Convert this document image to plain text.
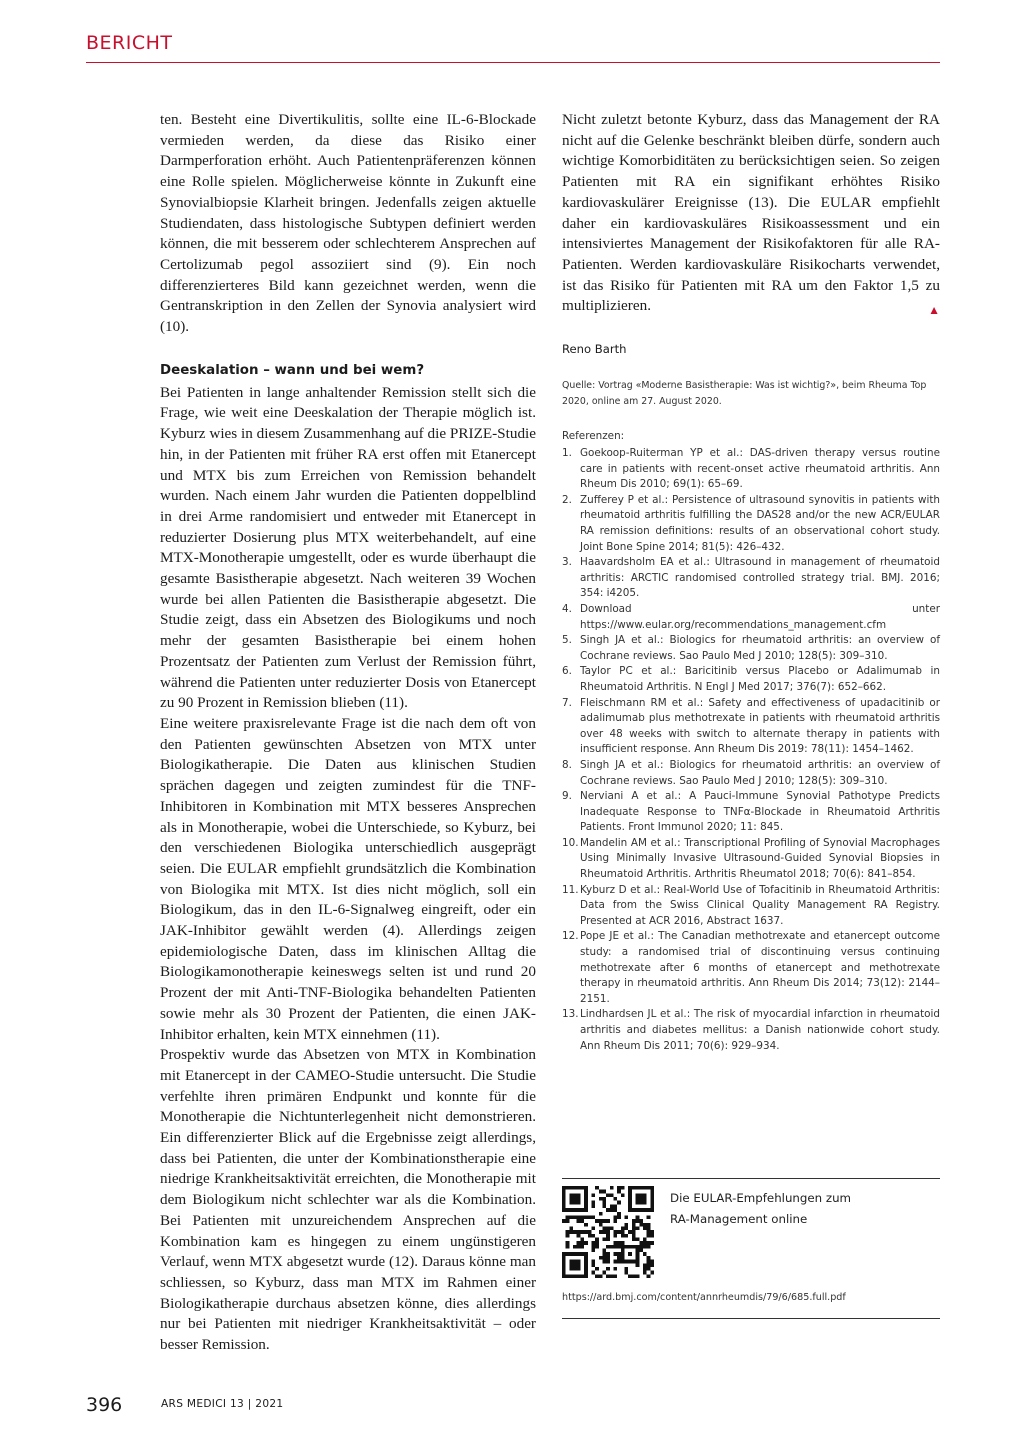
BERICHT

ten. Besteht eine Divertikulitis, sollte eine IL-6-Blockade vermieden werden, da diese das Risiko einer Darmperforation erhöht. Auch Patientenpräferenzen können eine Rolle spielen. Möglicherweise könnte in Zukunft eine Synovialbiopsie Klarheit bringen. Jedenfalls zeigen aktuelle Studiendaten, dass histologische Subtypen definiert werden können, die mit besserem oder schlechterem Ansprechen auf Certolizumab pegol assoziiert sind (9). Ein noch differenzierteres Bild kann gezeichnet werden, wenn die Gentranskription in den Zellen der Synovia analysiert wird (10).

Deeskalation – wann und bei wem?

Bei Patienten in lange anhaltender Remission stellt sich die Frage, wie weit eine Deeskalation der Therapie möglich ist. Kyburz wies in diesem Zusammenhang auf die PRIZE-Studie hin, in der Patienten mit früher RA erst offen mit Etanercept und MTX bis zum Erreichen von Remission behandelt wurden. Nach einem Jahr wurden die Patienten doppelblind in drei Arme randomisiert und entweder mit Etanercept in reduzierter Dosierung plus MTX weiterbehandelt, auf eine MTX-Monotherapie umgestellt, oder es wurde überhaupt die gesamte Basistherapie abgesetzt. Nach weiteren 39 Wochen wurde bei allen Patienten die Basistherapie abgesetzt. Die Studie zeigt, dass ein Absetzen des Biologikums und noch mehr der gesamten Basistherapie bei einem hohen Prozentsatz der Patienten zum Verlust der Remission führt, während die Patienten unter reduzierter Dosis von Etanercept zu 90 Prozent in Remission blieben (11).

Eine weitere praxisrelevante Frage ist die nach dem oft von den Patienten gewünschten Absetzen von MTX unter Biologikatherapie. Die Daten aus klinischen Studien sprächen dagegen und zeigten zumindest für die TNF-Inhibitoren in Kombination mit MTX besseres Ansprechen als in Monotherapie, wobei die Unterschiede, so Kyburz, bei den verschiedenen Biologika unterschiedlich ausgeprägt seien. Die EULAR empfiehlt grundsätzlich die Kombination von Biologika mit MTX. Ist dies nicht möglich, soll ein Biologikum, das in den IL-6-Signalweg eingreift, oder ein JAK-Inhibitor gewählt werden (4). Allerdings zeigen epidemiologische Daten, dass im klinischen Alltag die Biologikamonotherapie keineswegs selten ist und rund 20 Prozent der mit Anti-TNF-Biologika behandelten Patienten sowie mehr als 30 Prozent der Patienten, die einen JAK-Inhibitor erhalten, kein MTX einnehmen (11).

Prospektiv wurde das Absetzen von MTX in Kombination mit Etanercept in der CAMEO-Studie untersucht. Die Studie verfehlte ihren primären Endpunkt und konnte für die Monotherapie die Nichtunterlegenheit nicht demonstrieren. Ein differenzierter Blick auf die Ergebnisse zeigt allerdings, dass bei Patienten, die unter der Kombinationstherapie eine niedrige Krankheitsaktivität erreichten, die Monotherapie mit dem Biologikum nicht schlechter war als die Kombination. Bei Patienten mit unzureichendem Ansprechen auf die Kombination kam es hingegen zu einem ungünstigeren Verlauf, wenn MTX abgesetzt wurde (12). Daraus könne man schliessen, so Kyburz, dass man MTX im Rahmen einer Biologikatherapie durchaus absetzen könne, dies allerdings nur bei Patienten mit niedriger Krankheitsaktivität – oder besser Remission.

Nicht zuletzt betonte Kyburz, dass das Management der RA nicht auf die Gelenke beschränkt bleiben dürfe, sondern auch wichtige Komorbiditäten zu berücksichtigen seien. So zeigen Patienten mit RA ein signifikant erhöhtes Risiko kardiovaskulärer Ereignisse (13). Die EULAR empfiehlt daher ein kardiovaskuläres Risikoassessment und ein intensiviertes Management der Risikofaktoren für alle RA-Patienten. Werden kardiovaskuläre Risikocharts verwendet, ist das Risiko für Patienten mit RA um den Faktor 1,5 zu multiplizieren.	▲

Reno Barth

Quelle: Vortrag «Moderne Basistherapie: Was ist wichtig?», beim Rheuma Top 2020, online am 27. August 2020.

Referenzen:

1. Goekoop-Ruiterman YP et al.: DAS-driven therapy versus routine care in patients with recent-onset active rheumatoid arthritis. Ann Rheum Dis 2010; 69(1): 65–69.
2. Zufferey P et al.: Persistence of ultrasound synovitis in patients with rheumatoid arthritis fulfilling the DAS28 and/or the new ACR/EULAR RA remission definitions: results of an observational cohort study. Joint Bone Spine 2014; 81(5): 426–432.
3. Haavardsholm EA et al.: Ultrasound in management of rheumatoid arthritis: ARCTIC randomised controlled strategy trial. BMJ. 2016; 354: i4205.
4. Download unter https://www.eular.org/recommendations_management.cfm
5. Singh JA et al.: Biologics for rheumatoid arthritis: an overview of Cochrane reviews. Sao Paulo Med J 2010; 128(5): 309–310.
6. Taylor PC et al.: Baricitinib versus Placebo or Adalimumab in Rheumatoid Arthritis. N Engl J Med 2017; 376(7): 652–662.
7. Fleischmann RM et al.: Safety and effectiveness of upadacitinib or adalimumab plus methotrexate in patients with rheumatoid arthritis over 48 weeks with switch to alternate therapy in patients with insufficient response. Ann Rheum Dis 2019: 78(11): 1454–1462.
8. Singh JA et al.: Biologics for rheumatoid arthritis: an overview of Cochrane reviews. Sao Paulo Med J 2010; 128(5): 309–310.
9. Nerviani A et al.: A Pauci-Immune Synovial Pathotype Predicts Inadequate Response to TNFα-Blockade in Rheumatoid Arthritis Patients. Front Immunol 2020; 11: 845.
10. Mandelin AM et al.: Transcriptional Profiling of Synovial Macrophages Using Minimally Invasive Ultrasound-Guided Synovial Biopsies in Rheumatoid Arthritis. Arthritis Rheumatol 2018; 70(6): 841–854.
11. Kyburz D et al.: Real-World Use of Tofacitinib in Rheumatoid Arthritis: Data from the Swiss Clinical Quality Management RA Registry. Presented at ACR 2016, Abstract 1637.
12. Pope JE et al.: The Canadian methotrexate and etanercept outcome study: a randomised trial of discontinuing versus continuing methotrexate after 6 months of etanercept and methotrexate therapy in rheumatoid arthritis. Ann Rheum Dis 2014; 73(12): 2144–2151.
13. Lindhardsen JL et al.: The risk of myocardial infarction in rheumatoid arthritis and diabetes mellitus: a Danish nationwide cohort study. Ann Rheum Dis 2011; 70(6): 929–934.
Die EULAR-Empfehlungen zum
RA-Management online
https://ard.bmj.com/content/annrheumdis/79/6/685.full.pdf
396	ARS MEDICI 13 | 2021
